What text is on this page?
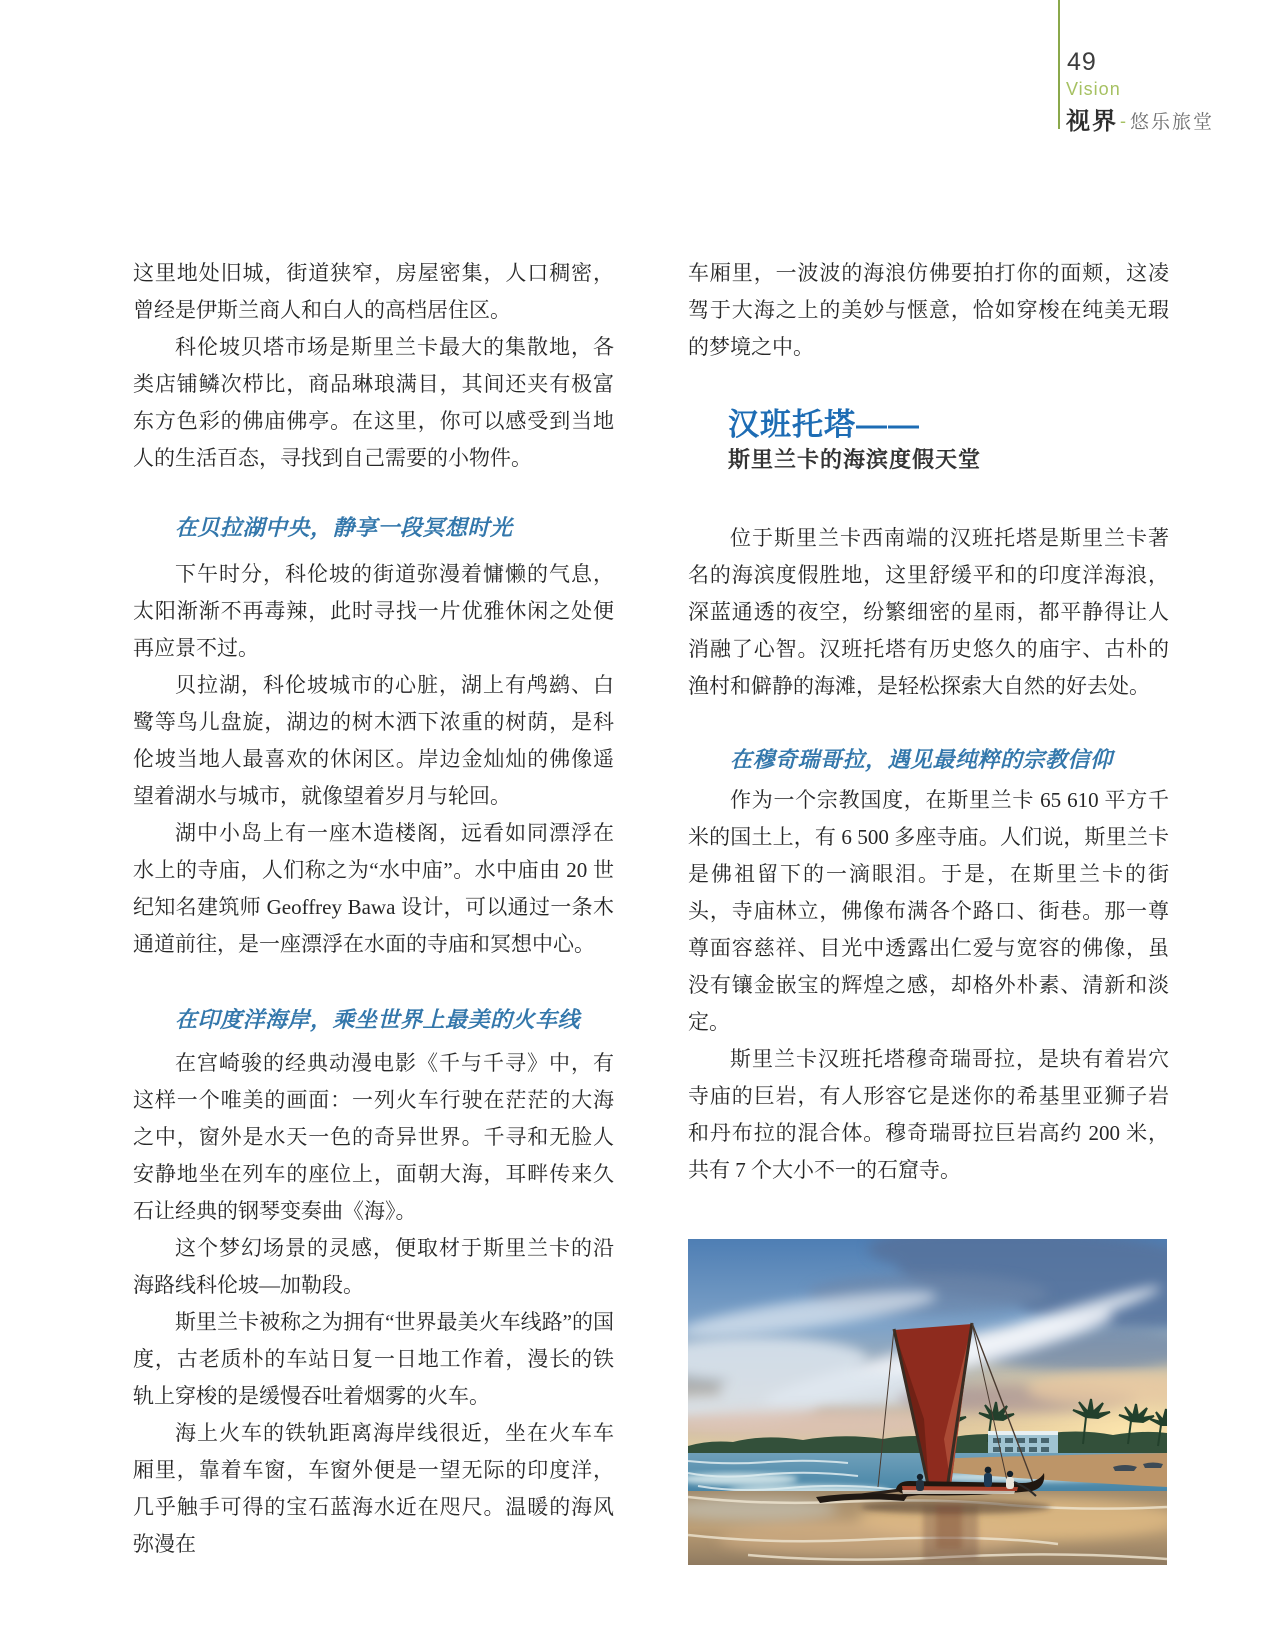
49
Vision
视界 - 悠乐旅堂

这里地处旧城，街道狭窄，房屋密集，人口稠密，曾经是伊斯兰商人和白人的高档居住区。

科伦坡贝塔市场是斯里兰卡最大的集散地，各类店铺鳞次栉比，商品琳琅满目，其间还夹有极富东方色彩的佛庙佛亭。在这里，你可以感受到当地人的生活百态，寻找到自己需要的小物件。

在贝拉湖中央，静享一段冥想时光

下午时分，科伦坡的街道弥漫着慵懒的气息，太阳渐渐不再毒辣，此时寻找一片优雅休闲之处便再应景不过。

贝拉湖，科伦坡城市的心脏，湖上有鸬鹚、白鹭等鸟儿盘旋，湖边的树木洒下浓重的树荫，是科伦坡当地人最喜欢的休闲区。岸边金灿灿的佛像遥望着湖水与城市，就像望着岁月与轮回。

湖中小岛上有一座木造楼阁，远看如同漂浮在水上的寺庙，人们称之为“水中庙”。水中庙由 20 世纪知名建筑师 Geoffrey Bawa 设计，可以通过一条木通道前往，是一座漂浮在水面的寺庙和冥想中心。

在印度洋海岸，乘坐世界上最美的火车线

在宫崎骏的经典动漫电影《千与千寻》中，有这样一个唯美的画面：一列火车行驶在茫茫的大海之中，窗外是水天一色的奇异世界。千寻和无脸人安静地坐在列车的座位上，面朝大海，耳畔传来久石让经典的钢琴变奏曲《海》。

这个梦幻场景的灵感，便取材于斯里兰卡的沿海路线科伦坡—加勒段。

斯里兰卡被称之为拥有“世界最美火车线路”的国度，古老质朴的车站日复一日地工作着，漫长的铁轨上穿梭的是缓慢吞吐着烟雾的火车。

海上火车的铁轨距离海岸线很近，坐在火车车厢里，靠着车窗，车窗外便是一望无际的印度洋，几乎触手可得的宝石蓝海水近在咫尺。温暖的海风弥漫在

车厢里，一波波的海浪仿佛要拍打你的面颊，这凌驾于大海之上的美妙与惬意，恰如穿梭在纯美无瑕的梦境之中。

汉班托塔——
斯里兰卡的海滨度假天堂

位于斯里兰卡西南端的汉班托塔是斯里兰卡著名的海滨度假胜地，这里舒缓平和的印度洋海浪，深蓝通透的夜空，纷繁细密的星雨，都平静得让人消融了心智。汉班托塔有历史悠久的庙宇、古朴的渔村和僻静的海滩，是轻松探索大自然的好去处。

在穆奇瑞哥拉，遇见最纯粹的宗教信仰

作为一个宗教国度，在斯里兰卡 65 610 平方千米的国土上，有 6 500 多座寺庙。人们说，斯里兰卡是佛祖留下的一滴眼泪。于是，在斯里兰卡的街头，寺庙林立，佛像布满各个路口、街巷。那一尊尊面容慈祥、目光中透露出仁爱与宽容的佛像，虽没有镶金嵌宝的辉煌之感，却格外朴素、清新和淡定。

斯里兰卡汉班托塔穆奇瑞哥拉，是块有着岩穴寺庙的巨岩，有人形容它是迷你的希基里亚狮子岩和丹布拉的混合体。穆奇瑞哥拉巨岩高约 200 米，共有 7 个大小不一的石窟寺。
